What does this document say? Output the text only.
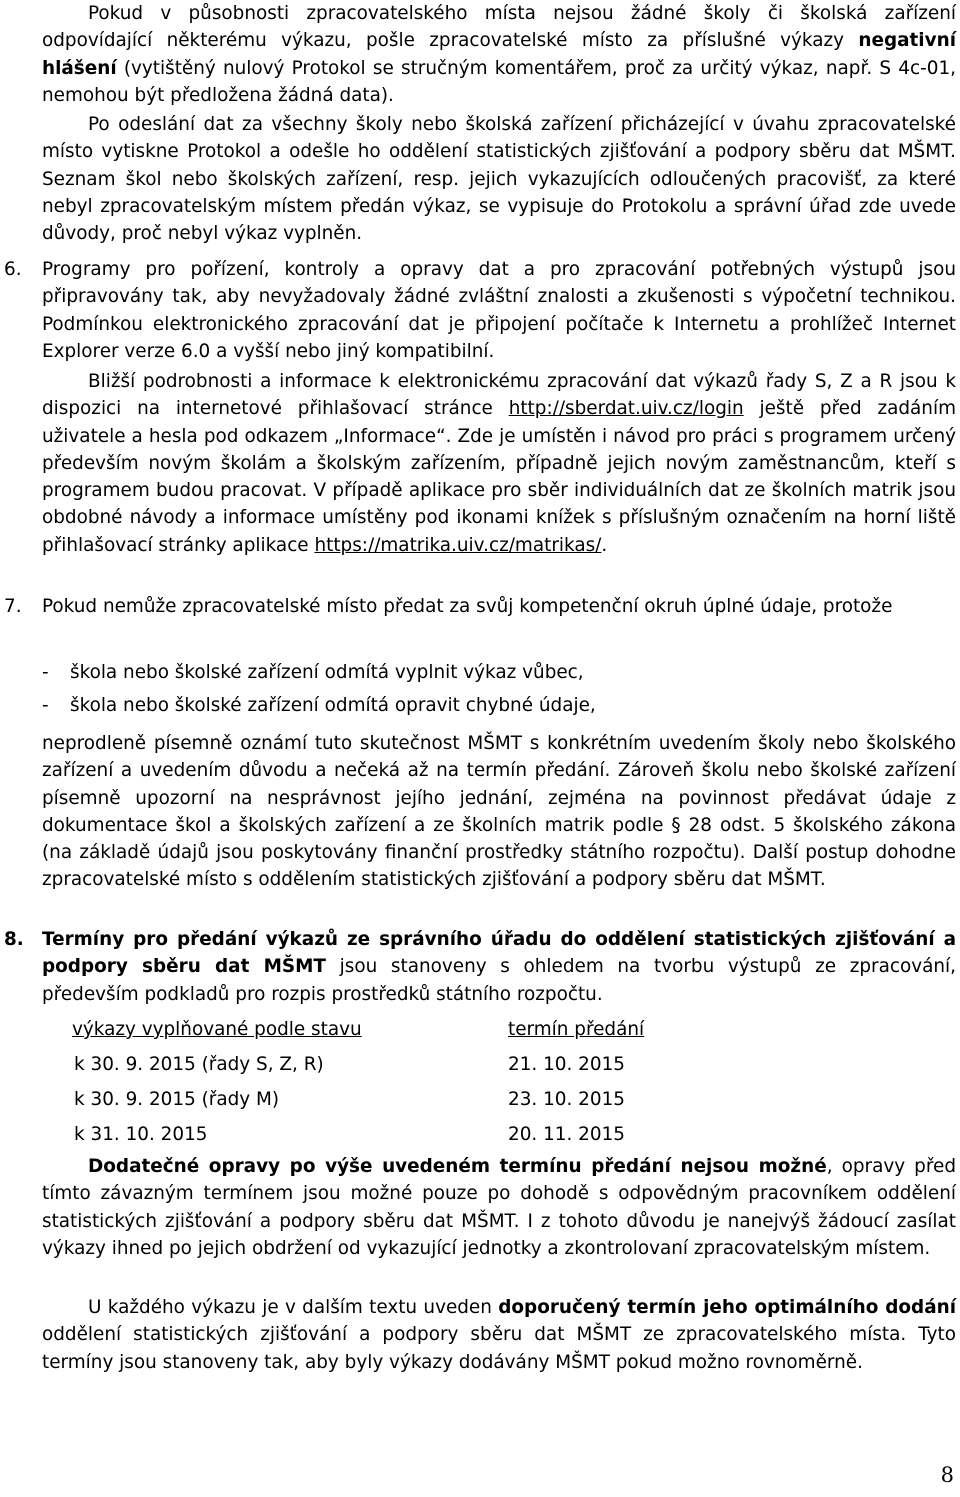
Pokud v působnosti zpracovatelského místa nejsou žádné školy či školská zařízení odpovídající některému výkazu, pošle zpracovatelské místo za příslušné výkazy negativní hlášení (vytištěný nulový Protokol se stručným komentářem, proč za určitý výkaz, např. S 4c-01, nemohou být předložena žádná data).

Po odeslání dat za všechny školy nebo školská zařízení přicházející v úvahu zpracovatelské místo vytiskne Protokol a odešle ho oddělení statistických zjišťování a podpory sběru dat MŠMT. Seznam škol nebo školských zařízení, resp. jejich vykazujících odloučených pracovišť, za které nebyl zpracovatelským místem předán výkaz, se vypisuje do Protokolu a správní úřad zde uvede důvody, proč nebyl výkaz vyplněn.

6.	Programy pro pořízení, kontroly a opravy dat a pro zpracování potřebných výstupů jsou připravovány tak, aby nevyžadovaly žádné zvláštní znalosti a zkušenosti s výpočetní technikou. Podmínkou elektronického zpracování dat je připojení počítače k Internetu a prohlížeč Internet Explorer verze 6.0 a vyšší nebo jiný kompatibilní.

Bližší podrobnosti a informace k elektronickému zpracování dat výkazů řady S, Z a R jsou k dispozici na internetové přihlašovací stránce http://sberdat.uiv.cz/login ještě před zadáním uživatele a hesla pod odkazem „Informace“. Zde je umístěn i návod pro práci s programem určený především novým školám a školským zařízením, případně jejich novým zaměstnancům, kteří s programem budou pracovat. V případě aplikace pro sběr individuálních dat ze školních matrik jsou obdobné návody a informace umístěny pod ikonami knížek s příslušným označením na horní liště přihlašovací stránky aplikace https://matrika.uiv.cz/matrikas/.

7.	Pokud nemůže zpracovatelské místo předat za svůj kompetenční okruh úplné údaje, protože

- škola nebo školské zařízení odmítá vyplnit výkaz vůbec,
- škola nebo školské zařízení odmítá opravit chybné údaje,

neprodleně písemně oznámí tuto skutečnost MŠMT s konkrétním uvedením školy nebo školského zařízení a uvedením důvodu a nečeká až na termín předání. Zároveň školu nebo školské zařízení písemně upozorní na nesprávnost jejího jednání, zejména na povinnost předávat údaje z dokumentace škol a školských zařízení a ze školních matrik podle § 28 odst. 5 školského zákona (na základě údajů jsou poskytovány finanční prostředky státního rozpočtu). Další postup dohodne zpracovatelské místo s oddělením statistických zjišťování a podpory sběru dat MŠMT.

8. Termíny pro předání výkazů ze správního úřadu do oddělení statistických zjišťování a podpory sběru dat MŠMT jsou stanoveny s ohledem na tvorbu výstupů ze zpracování, především podkladů pro rozpis prostředků státního rozpočtu.

výkazy vyplňované podle stavu	termín předání
k 30. 9. 2015 (řady S, Z, R)	21. 10. 2015
k 30. 9. 2015 (řady M)	23. 10. 2015
k 31. 10. 2015	20. 11. 2015

Dodatečné opravy po výše uvedeném termínu předání nejsou možné, opravy před tímto závazným termínem jsou možné pouze po dohodě s odpovědným pracovníkem oddělení statistických zjišťování a podpory sběru dat MŠMT. I z tohoto důvodu je nanejvýš žádoucí zasílat výkazy ihned po jejich obdržení od vykazující jednotky a zkontrolovaní zpracovatelským místem.

U každého výkazu je v dalším textu uveden doporučený termín jeho optimálního dodání oddělení statistických zjišťování a podpory sběru dat MŠMT ze zpracovatelského místa. Tyto termíny jsou stanoveny tak, aby byly výkazy dodávány MŠMT pokud možno rovnoměrně.

8
